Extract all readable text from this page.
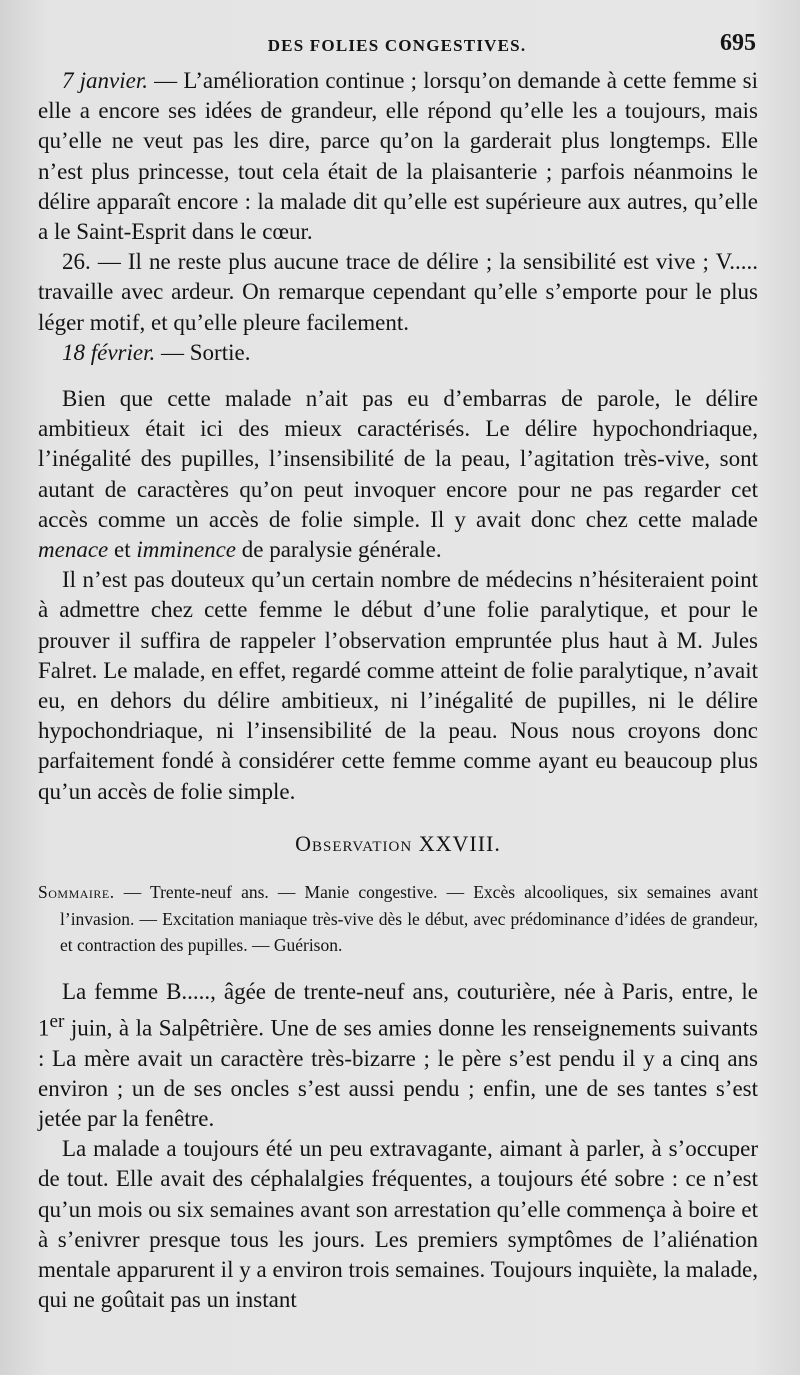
DES FOLIES CONGESTIVES.	695

7 janvier. — L’amélioration continue ; lorsqu’on demande à cette femme si elle a encore ses idées de grandeur, elle répond qu’elle les a toujours, mais qu’elle ne veut pas les dire, parce qu’on la garderait plus longtemps. Elle n’est plus princesse, tout cela était de la plaisanterie ; parfois néanmoins le délire apparaît encore : la malade dit qu’elle est supérieure aux autres, qu’elle a le Saint-Esprit dans le cœur.

26. — Il ne reste plus aucune trace de délire ; la sensibilité est vive ; V..... travaille avec ardeur. On remarque cependant qu’elle s’emporte pour le plus léger motif, et qu’elle pleure facilement.

18 février. — Sortie.

Bien que cette malade n’ait pas eu d’embarras de parole, le délire ambitieux était ici des mieux caractérisés. Le délire hypochondriaque, l’inégalité des pupilles, l’insensibilité de la peau, l’agitation très-vive, sont autant de caractères qu’on peut invoquer encore pour ne pas regarder cet accès comme un accès de folie simple. Il y avait donc chez cette malade menace et imminence de paralysie générale.

Il n’est pas douteux qu’un certain nombre de médecins n’hésiteraient point à admettre chez cette femme le début d’une folie paralytique, et pour le prouver il suffira de rappeler l’observation empruntée plus haut à M. Jules Falret. Le malade, en effet, regardé comme atteint de folie paralytique, n’avait eu, en dehors du délire ambitieux, ni l’inégalité de pupilles, ni le délire hypochondriaque, ni l’insensibilité de la peau. Nous nous croyons donc parfaitement fondé à considérer cette femme comme ayant eu beaucoup plus qu’un accès de folie simple.

Observation XXVIII.

Sommaire. — Trente-neuf ans. — Manie congestive. — Excès alcooliques, six semaines avant l’invasion. — Excitation maniaque très-vive dès le début, avec prédominance d’idées de grandeur, et contraction des pupilles. — Guérison.

La femme B....., âgée de trente-neuf ans, couturière, née à Paris, entre, le 1er juin, à la Salpêtrière. Une de ses amies donne les renseignements suivants : La mère avait un caractère très-bizarre ; le père s’est pendu il y a cinq ans environ ; un de ses oncles s’est aussi pendu ; enfin, une de ses tantes s’est jetée par la fenêtre.

La malade a toujours été un peu extravagante, aimant à parler, à s’occuper de tout. Elle avait des céphalalgies fréquentes, a toujours été sobre : ce n’est qu’un mois ou six semaines avant son arrestation qu’elle commença à boire et à s’enivrer presque tous les jours. Les premiers symptômes de l’aliénation mentale apparurent il y a environ trois semaines. Toujours inquiète, la malade, qui ne goûtait pas un instant
